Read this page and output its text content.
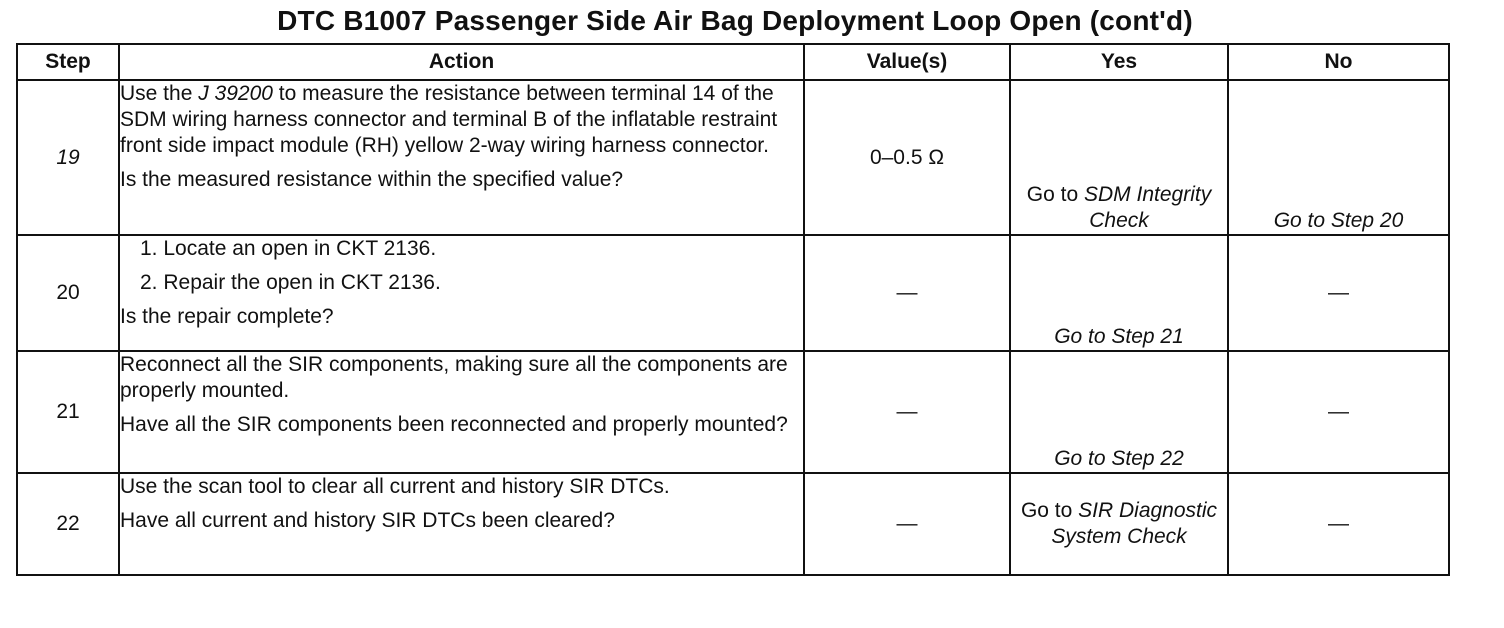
DTC B1007 Passenger Side Air Bag Deployment Loop Open (cont'd)
Step	Action	Value(s)	Yes	No
19	Use the J 39200 to measure the resistance between terminal 14 of the SDM wiring harness connector and terminal B of the inflatable restraint front side impact module (RH) yellow 2-way wiring harness connector.
Is the measured resistance within the specified value?	0–0.5 Ω	Go to SDM Integrity Check	Go to Step 20
20	1. Locate an open in CKT 2136.
2. Repair the open in CKT 2136.
Is the repair complete?	—	Go to Step 21	—
21	Reconnect all the SIR components, making sure all the components are properly mounted.
Have all the SIR components been reconnected and properly mounted?	—	Go to Step 22	—
22	Use the scan tool to clear all current and history SIR DTCs.
Have all current and history SIR DTCs been cleared?	—	Go to SIR Diagnostic System Check	—
